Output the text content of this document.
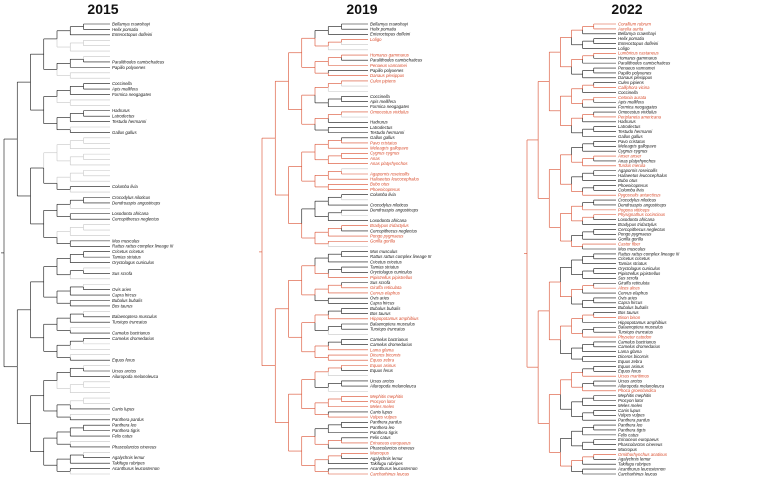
2015
Bellamya crawshayi
Helix pomatia
Enteroctopus dofleini
Paralithodes camtschaticus
Papilio polyxenes
Coccinella
Apis mellifera
Formica neogagates
Hadrurus
Latrodectus
Testudo hermanni
Gallus gallus
Columba livia
Crocodylus niloticus
Dendroaspis angusticeps
Loxodonta africana
Cercopithecus neglectus
Mus musculus
Rattus rattus complex lineage III
Cricetus cricetus
Tamias striatus
Oryctolagus cuniculus
Sus scrofa
Ovis aries
Capra hircus
Bubalus bubalis
Bos taurus
Balaenoptera musculus
Tursiops truncatus
Camelus bactrianus
Camelus dromedarius
Equus ferus
Ursus arctos
Ailuropoda melanoleuca
Canis lupus
Panthera pardus
Panthera leo
Panthera tigris
Felis catus
Phascolarctos cinereus
Agalychnis lemur
Takifugu rubripes
Acanthurus leucosternon
2019
Bellamya crawshayi
Helix pomatia
Enteroctopus dofleini
Loligo
Homarus gammarus
Paralithodes camtschaticus
Penaeus vannamei
Papilio polyxenes
Danaus plexippus
Culex pipiens
Coccinella
Apis mellifera
Formica neogagates
Omocestus viridulus
Hadrurus
Latrodectus
Testudo hermanni
Gallus gallus
Pavo cristatus
Meleagris gallopavo
Cygnus cygnus
Anas
Anas platyrhynchos
Agapornis roseicollis
Haliaeetus leucocephalus
Bubo otus
Phoenicopterus
Columba livia
Crocodylus niloticus
Dendroaspis angusticeps
Loxodonta africana
Bradypus tridactylus
Cercopithecus neglectus
Pongo pygmaeus
Gorilla gorilla
Mus musculus
Rattus rattus complex lineage III
Cricetus cricetus
Tamias striatus
Oryctolagus cuniculus
Pipistrellus pipistrellus
Sus scrofa
Giraffa reticulata
Cervus elaphus
Ovis aries
Capra hircus
Bubalus bubalis
Bos taurus
Hippopotamus amphibius
Balaenoptera musculus
Tursiops truncatus
Camelus bactrianus
Camelus dromedarius
Lama glama
Diceros bicornis
Equus zebra
Equus asinus
Equus ferus
Ursus arctos
Ailuropoda melanoleuca
Mephitis mephitis
Procyon lotor
Meles meles
Canis lupus
Vulpes vulpes
Panthera pardus
Panthera leo
Panthera tigris
Felis catus
Erinaceus europaeus
Phascolarctos cinereus
Macropus
Agalychnis lemur
Takifugu rubripes
Acanthurus leucosternon
Carcharhinus leucas
2022
Corallium rubrum
Aurelia aurita
Bellamya crawshayi
Helix pomatia
Enteroctopus dofleini
Loligo
Lumbricus castaneus
Homarus gammarus
Paralithodes camtschaticus
Penaeus vannamei
Papilio polyxenes
Danaus plexippus
Culex pipiens
Calliphora vicina
Coccinella
Cetonia aurata
Apis mellifera
Formica neogagates
Omocestus viridulus
Periplaneta americana
Hadrurus
Latrodectus
Testudo hermanni
Gallus gallus
Pavo cristatus
Meleagris gallopavo
Cygnus cygnus
Anser anser
Anas platyrhynchos
Turdus merula
Agapornis roseicollis
Haliaeetus leucocephalus
Bubo otus
Phoenicopterus
Columba livia
Pygoscelis antarcticus
Crocodylus niloticus
Dendroaspis angusticeps
Pogona vitticeps
Physignathus cocincinus
Loxodonta africana
Bradypus tridactylus
Cercopithecus neglectus
Pongo pygmaeus
Gorilla gorilla
Castor fiber
Mus musculus
Rattus rattus complex lineage III
Cricetus cricetus
Tamias striatus
Oryctolagus cuniculus
Pipistrellus pipistrellus
Sus scrofa
Giraffa reticulata
Alces alces
Cervus elaphus
Ovis aries
Capra hircus
Bubalus bubalis
Bos taurus
Bison bison
Hippopotamus amphibius
Balaenoptera musculus
Tursiops truncatus
Physeter catodon
Camelus bactrianus
Camelus dromedarius
Lama glama
Diceros bicornis
Equus zebra
Equus asinus
Equus ferus
Ursus maritimus
Ursus arctos
Ailuropoda melanoleuca
Phoca groenlandica
Mephitis mephitis
Procyon lotor
Meles meles
Canis lupus
Vulpes vulpes
Panthera pardus
Panthera leo
Panthera tigris
Felis catus
Erinaceus europaeus
Phascolarctos cinereus
Macropus
Ornithorhynchus anatinus
Agalychnis lemur
Takifugu rubripes
Acanthurus leucosternon
Carcharhinus leucas
